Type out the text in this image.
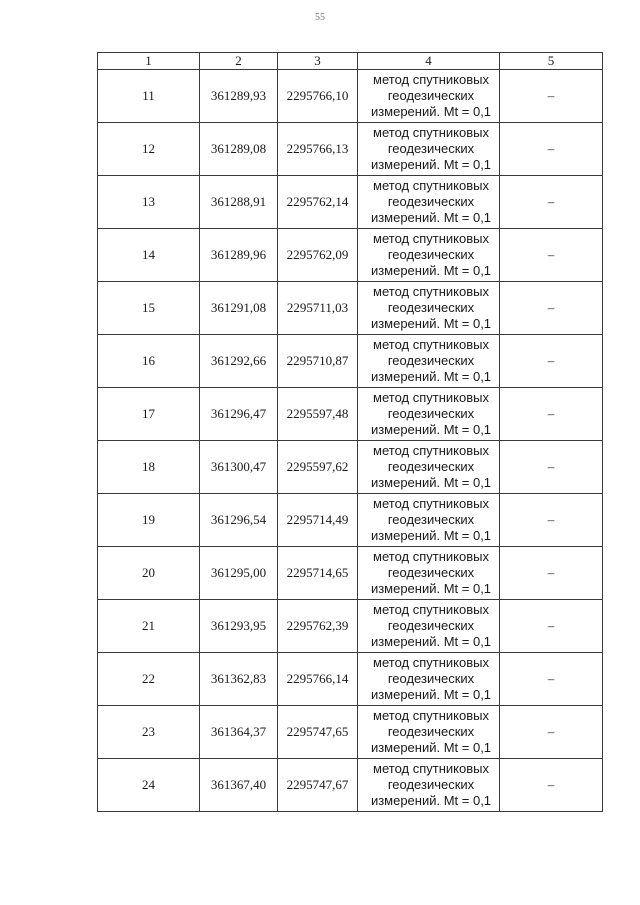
55
1	2	3	4	5
11	361289,93	2295766,10	метод спутниковых
геодезических
измерений. Mt = 0,1	–
12	361289,08	2295766,13	метод спутниковых
геодезических
измерений. Mt = 0,1	–
13	361288,91	2295762,14	метод спутниковых
геодезических
измерений. Mt = 0,1	–
14	361289,96	2295762,09	метод спутниковых
геодезических
измерений. Mt = 0,1	–
15	361291,08	2295711,03	метод спутниковых
геодезических
измерений. Mt = 0,1	–
16	361292,66	2295710,87	метод спутниковых
геодезических
измерений. Mt = 0,1	–
17	361296,47	2295597,48	метод спутниковых
геодезических
измерений. Mt = 0,1	–
18	361300,47	2295597,62	метод спутниковых
геодезических
измерений. Mt = 0,1	–
19	361296,54	2295714,49	метод спутниковых
геодезических
измерений. Mt = 0,1	–
20	361295,00	2295714,65	метод спутниковых
геодезических
измерений. Mt = 0,1	–
21	361293,95	2295762,39	метод спутниковых
геодезических
измерений. Mt = 0,1	–
22	361362,83	2295766,14	метод спутниковых
геодезических
измерений. Mt = 0,1	–
23	361364,37	2295747,65	метод спутниковых
геодезических
измерений. Mt = 0,1	–
24	361367,40	2295747,67	метод спутниковых
геодезических
измерений. Mt = 0,1	–
